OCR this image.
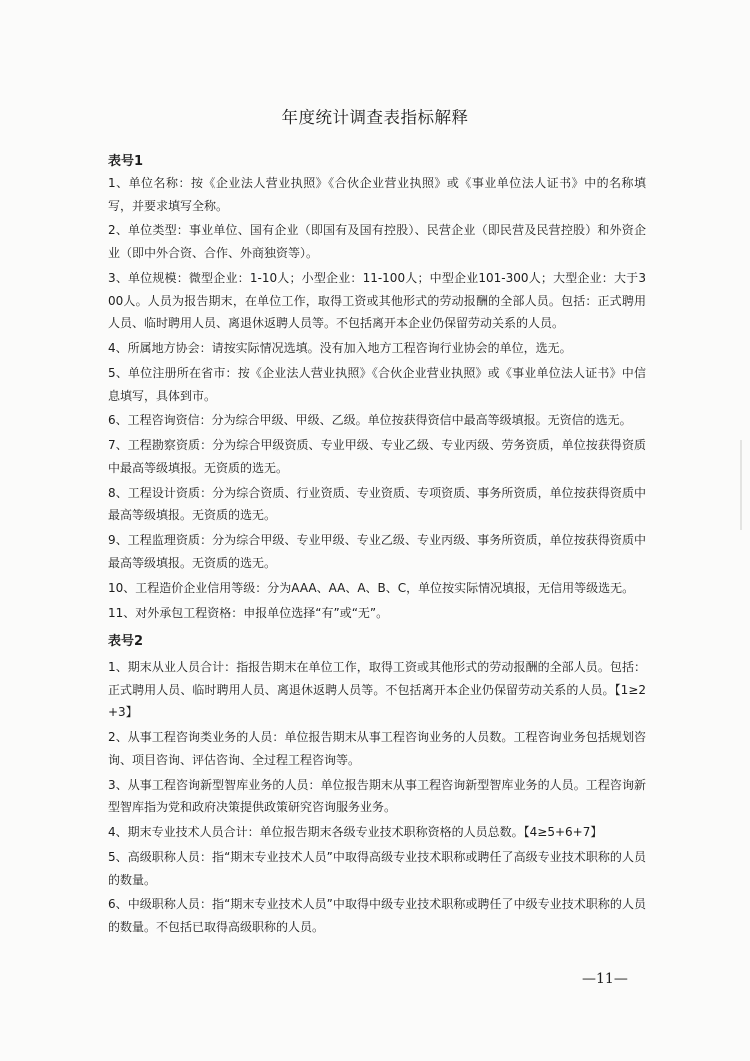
年度统计调查表指标解释
表号1
1、单位名称：按《企业法人营业执照》《合伙企业营业执照》或《事业单位法人证书》中的名称填写，并要求填写全称。
2、单位类型：事业单位、国有企业（即国有及国有控股）、民营企业（即民营及民营控股）和外资企业（即中外合资、合作、外商独资等）。
3、单位规模：微型企业：1-10人；小型企业：11-100人；中型企业101-300人；大型企业：大于300人。人员为报告期末，在单位工作，取得工资或其他形式的劳动报酬的全部人员。包括：正式聘用人员、临时聘用人员、离退休返聘人员等。不包括离开本企业仍保留劳动关系的人员。
4、所属地方协会：请按实际情况选填。没有加入地方工程咨询行业协会的单位，选无。
5、单位注册所在省市：按《企业法人营业执照》《合伙企业营业执照》或《事业单位法人证书》中信息填写，具体到市。
6、工程咨询资信：分为综合甲级、甲级、乙级。单位按获得资信中最高等级填报。无资信的选无。
7、工程勘察资质：分为综合甲级资质、专业甲级、专业乙级、专业丙级、劳务资质，单位按获得资质中最高等级填报。无资质的选无。
8、工程设计资质：分为综合资质、行业资质、专业资质、专项资质、事务所资质，单位按获得资质中最高等级填报。无资质的选无。
9、工程监理资质：分为综合甲级、专业甲级、专业乙级、专业丙级、事务所资质，单位按获得资质中最高等级填报。无资质的选无。
10、工程造价企业信用等级：分为AAA、AA、A、B、C，单位按实际情况填报，无信用等级选无。
11、对外承包工程资格：申报单位选择“有”或“无”。
表号2
1、期末从业人员合计：指报告期末在单位工作，取得工资或其他形式的劳动报酬的全部人员。包括：正式聘用人员、临时聘用人员、离退休返聘人员等。不包括离开本企业仍保留劳动关系的人员。【1≥2+3】
2、从事工程咨询类业务的人员：单位报告期末从事工程咨询业务的人员数。工程咨询业务包括规划咨询、项目咨询、评估咨询、全过程工程咨询等。
3、从事工程咨询新型智库业务的人员：单位报告期末从事工程咨询新型智库业务的人员。工程咨询新型智库指为党和政府决策提供政策研究咨询服务业务。
4、期末专业技术人员合计：单位报告期末各级专业技术职称资格的人员总数。【4≥5+6+7】
5、高级职称人员：指“期末专业技术人员”中取得高级专业技术职称或聘任了高级专业技术职称的人员的数量。
6、中级职称人员：指“期末专业技术人员”中取得中级专业技术职称或聘任了中级专业技术职称的人员的数量。不包括已取得高级职称的人员。
—11—
